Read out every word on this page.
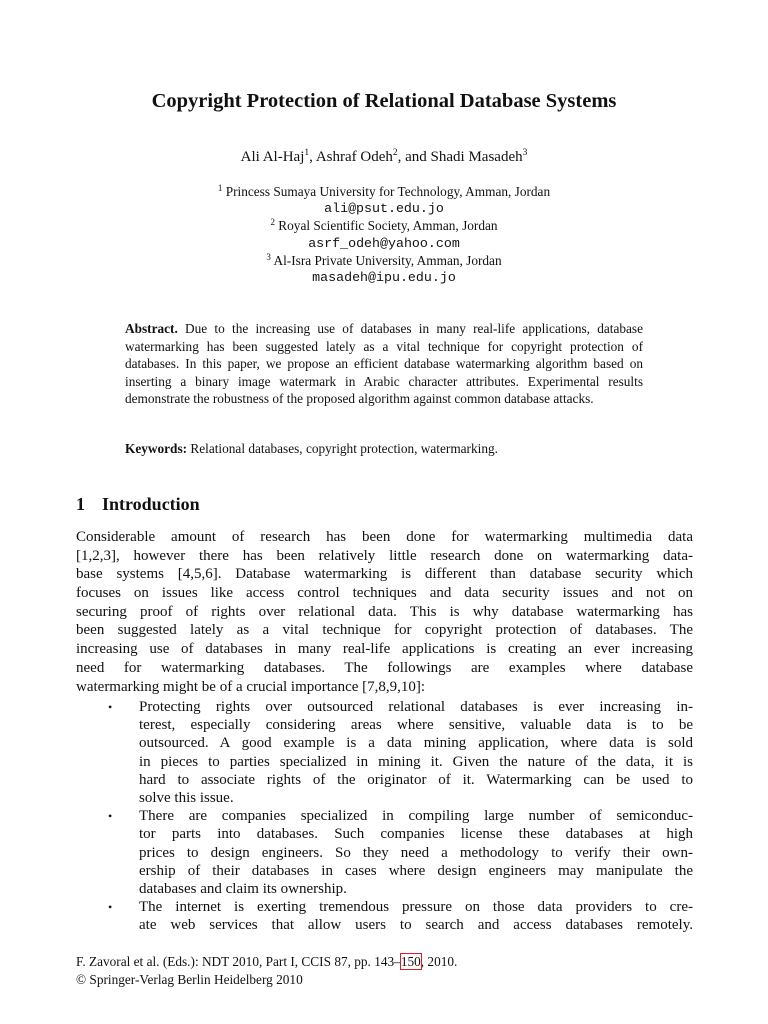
Copyright Protection of Relational Database Systems
Ali Al-Haj$^1$, Ashraf Odeh$^2$, and Shadi Masadeh$^3$
$^1$ Princess Sumaya University for Technology, Amman, Jordan
ali@psut.edu.jo
$^2$ Royal Scientific Society, Amman, Jordan
asrf_odeh@yahoo.com
$^3$ Al-Isra Private University, Amman, Jordan
masadeh@ipu.edu.jo
Abstract. Due to the increasing use of databases in many real-life applications, database watermarking has been suggested lately as a vital technique for copyright protection of databases. In this paper, we propose an efficient database watermarking algorithm based on inserting a binary image watermark in Arabic character attributes. Experimental results demonstrate the robustness of the proposed algorithm against common database attacks.
Keywords: Relational databases, copyright protection, watermarking.
1 Introduction
Considerable amount of research has been done for watermarking multimedia data
[1,2,3], however there has been relatively little research done on watermarking data-
base systems [4,5,6]. Database watermarking is different than database security which
focuses on issues like access control techniques and data security issues and not on
securing proof of rights over relational data. This is why database watermarking has
been suggested lately as a vital technique for copyright protection of databases. The
increasing use of databases in many real-life applications is creating an ever increasing
need for watermarking databases. The followings are examples where database
watermarking might be of a crucial importance [7,8,9,10]:
•	Protecting rights over outsourced relational databases is ever increasing in-
terest, especially considering areas where sensitive, valuable data is to be
outsourced. A good example is a data mining application, where data is sold
in pieces to parties specialized in mining it. Given the nature of the data, it is
hard to associate rights of the originator of it. Watermarking can be used to
solve this issue.
•	There are companies specialized in compiling large number of semiconduc-
tor parts into databases. Such companies license these databases at high
prices to design engineers. So they need a methodology to verify their own-
ership of their databases in cases where design engineers may manipulate the
databases and claim its ownership.
•	The internet is exerting tremendous pressure on those data providers to cre-
ate web services that allow users to search and access databases remotely.
F. Zavoral et al. (Eds.): NDT 2010, Part I, CCIS 87, pp. 143–150, 2010.
© Springer-Verlag Berlin Heidelberg 2010
